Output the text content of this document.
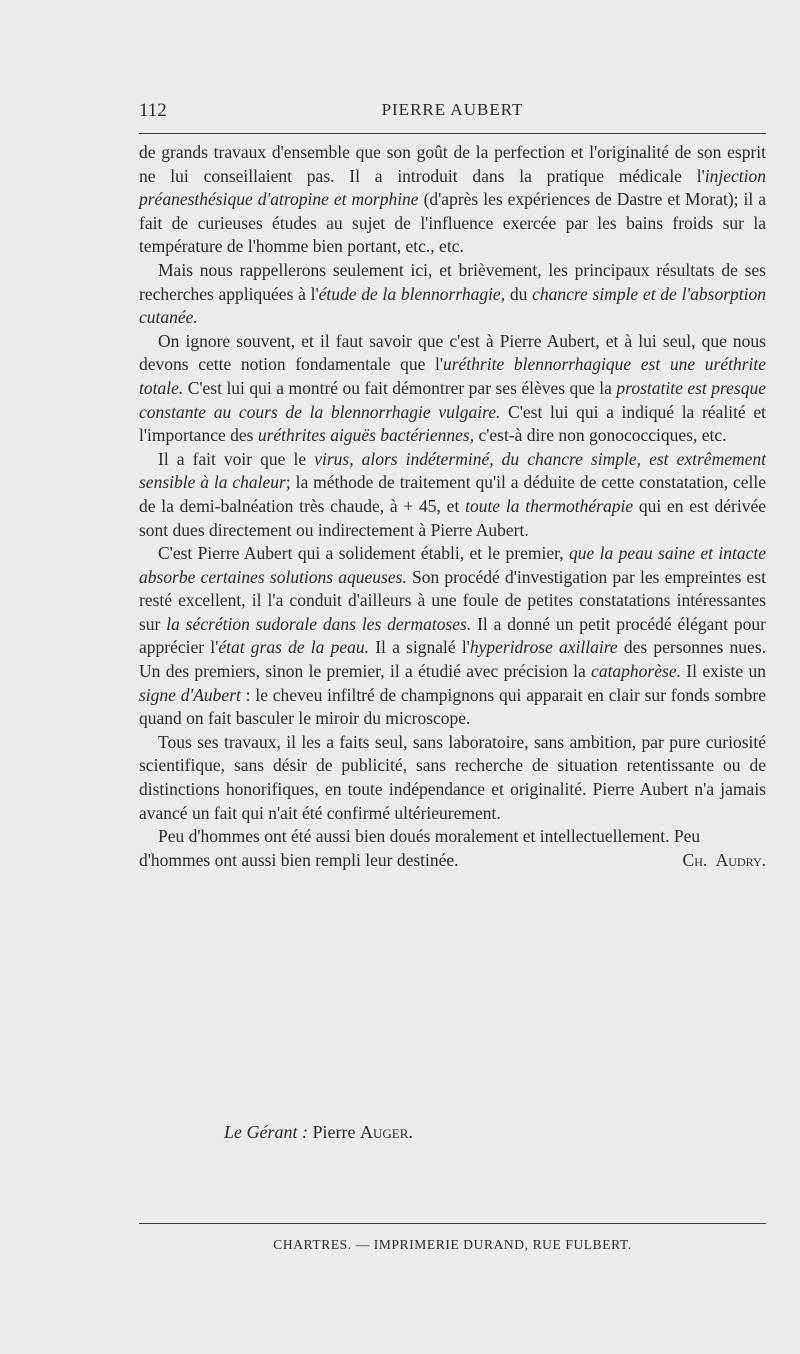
112	PIERRE AUBERT

de grands travaux d'ensemble que son goût de la perfection et l'originalité de son esprit ne lui conseillaient pas. Il a introduit dans la pratique médicale l'injection préanesthésique d'atropine et morphine (d'après les expériences de Dastre et Morat); il a fait de curieuses études au sujet de l'influence exercée par les bains froids sur la température de l'homme bien portant, etc., etc.

Mais nous rappellerons seulement ici, et brièvement, les principaux résultats de ses recherches appliquées à l'étude de la blennorrhagie, du chancre simple et de l'absorption cutanée.

On ignore souvent, et il faut savoir que c'est à Pierre Aubert, et à lui seul, que nous devons cette notion fondamentale que l'uréthrite blennorrhagique est une uréthrite totale. C'est lui qui a montré ou fait démontrer par ses élèves que la prostatite est presque constante au cours de la blennorrhagie vulgaire. C'est lui qui a indiqué la réalité et l'importance des uréthrites aiguës bactériennes, c'est-à dire non gonococciques, etc.

Il a fait voir que le virus, alors indéterminé, du chancre simple, est extrêmement sensible à la chaleur; la méthode de traitement qu'il a déduite de cette constatation, celle de la demi-balnéation très chaude, à + 45, et toute la thermothérapie qui en est dérivée sont dues directement ou indirectement à Pierre Aubert.

C'est Pierre Aubert qui a solidement établi, et le premier, que la peau saine et intacte absorbe certaines solutions aqueuses. Son procédé d'investigation par les empreintes est resté excellent, il l'a conduit d'ailleurs à une foule de petites constatations intéressantes sur la sécrétion sudorale dans les dermatoses. Il a donné un petit procédé élégant pour apprécier l'état gras de la peau. Il a signalé l'hyperidrose axillaire des personnes nues. Un des premiers, sinon le premier, il a étudié avec précision la cataphorèse. Il existe un signe d'Aubert : le cheveu infiltré de champignons qui apparait en clair sur fonds sombre quand on fait basculer le miroir du microscope.

Tous ses travaux, il les a faits seul, sans laboratoire, sans ambition, par pure curiosité scientifique, sans désir de publicité, sans recherche de situation retentissante ou de distinctions honorifiques, en toute indépendance et originalité. Pierre Aubert n'a jamais avancé un fait qui n'ait été confirmé ultérieurement.

Peu d'hommes ont été aussi bien doués moralement et intellectuellement. Peu d'hommes ont aussi bien rempli leur destinée.	Ch. Audry.

Le Gérant : Pierre Auger.
CHARTRES. — IMPRIMERIE DURAND, RUE FULBERT.
